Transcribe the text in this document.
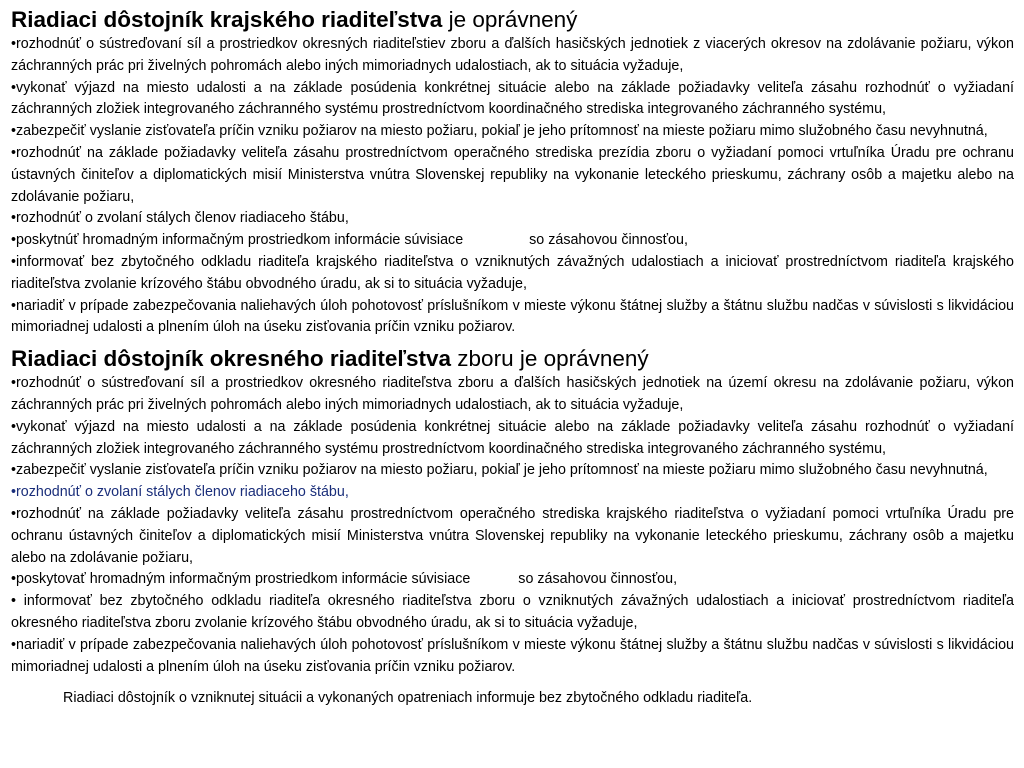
Riadiaci dôstojník krajského riaditeľstva je oprávnený
•rozhodnúť o sústreďovaní síl a prostriedkov okresných riaditeľstiev zboru a ďalších hasičských jednotiek z viacerých okresov na zdolávanie požiaru, výkon záchranných prác pri živelných pohromách alebo iných mimoriadnych udalostiach, ak to situácia vyžaduje,
•vykonať výjazd na miesto udalosti a na základe posúdenia konkrétnej situácie alebo na základe požiadavky veliteľa zásahu rozhodnúť o vyžiadaní záchranných zložiek integrovaného záchranného systému prostredníctvom koordinačného strediska integrovaného záchranného systému,
•zabezpečiť vyslanie zisťovateľa príčin vzniku požiarov na miesto požiaru, pokiaľ je jeho prítomnosť na mieste požiaru mimo služobného času nevyhnutná,
•rozhodnúť na základe požiadavky veliteľa zásahu prostredníctvom operačného strediska prezídia zboru o vyžiadaní pomoci vrtuľníka Úradu pre ochranu ústavných činiteľov a diplomatických misií Ministerstva vnútra Slovenskej republiky na vykonanie leteckého prieskumu, záchrany osôb a majetku alebo na zdolávanie požiaru,
•rozhodnúť o zvolaní stálych členov riadiaceho štábu,
•poskytnúť hromadným informačným prostriedkom informácie súvisiace	so zásahovou činnosťou,
•informovať bez zbytočného odkladu riaditeľa krajského riaditeľstva o vzniknutých závažných udalostiach a iniciovať prostredníctvom riaditeľa krajského riaditeľstva zvolanie krízového štábu obvodného úradu, ak si to situácia vyžaduje,
•nariadiť v prípade zabezpečovania naliehavých úloh pohotovosť príslušníkom v mieste výkonu štátnej služby a štátnu službu nadčas v súvislosti s likvidáciou mimoriadnej udalosti a plnením úloh na úseku zisťovania príčin vzniku požiarov.
Riadiaci dôstojník okresného riaditeľstva zboru je oprávnený
•rozhodnúť o sústreďovaní síl a prostriedkov okresného riaditeľstva zboru a ďalších hasičských jednotiek na území okresu na zdolávanie požiaru, výkon záchranných prác pri živelných pohromách alebo iných mimoriadnych udalostiach, ak to situácia vyžaduje,
•vykonať výjazd na miesto udalosti a na základe posúdenia konkrétnej situácie alebo na základe požiadavky veliteľa zásahu rozhodnúť o vyžiadaní záchranných zložiek integrovaného záchranného systému prostredníctvom koordinačného strediska integrovaného záchranného systému,
•zabezpečiť vyslanie zisťovateľa príčin vzniku požiarov na miesto požiaru, pokiaľ je jeho prítomnosť na mieste požiaru mimo služobného času nevyhnutná,
•rozhodnúť o zvolaní stálych členov riadiaceho štábu,
•rozhodnúť na základe požiadavky veliteľa zásahu prostredníctvom operačného strediska krajského riaditeľstva o vyžiadaní pomoci vrtuľníka Úradu pre ochranu ústavných činiteľov a diplomatických misií Ministerstva vnútra Slovenskej republiky na vykonanie leteckého prieskumu, záchrany osôb a majetku alebo na zdolávanie požiaru,
•poskytovať hromadným informačným prostriedkom informácie súvisiace	so zásahovou činnosťou,
• informovať bez zbytočného odkladu riaditeľa okresného riaditeľstva zboru o vzniknutých závažných udalostiach a iniciovať prostredníctvom riaditeľa okresného riaditeľstva zboru zvolanie krízového štábu obvodného úradu, ak si to situácia vyžaduje,
•nariadiť v prípade zabezpečovania naliehavých úloh pohotovosť príslušníkom v mieste výkonu štátnej služby a štátnu službu nadčas v súvislosti s likvidáciou mimoriadnej udalosti a plnením úloh na úseku zisťovania príčin vzniku požiarov.

Riadiaci dôstojník o vzniknutej situácii a vykonaných opatreniach informuje bez zbytočného odkladu riaditeľa.
